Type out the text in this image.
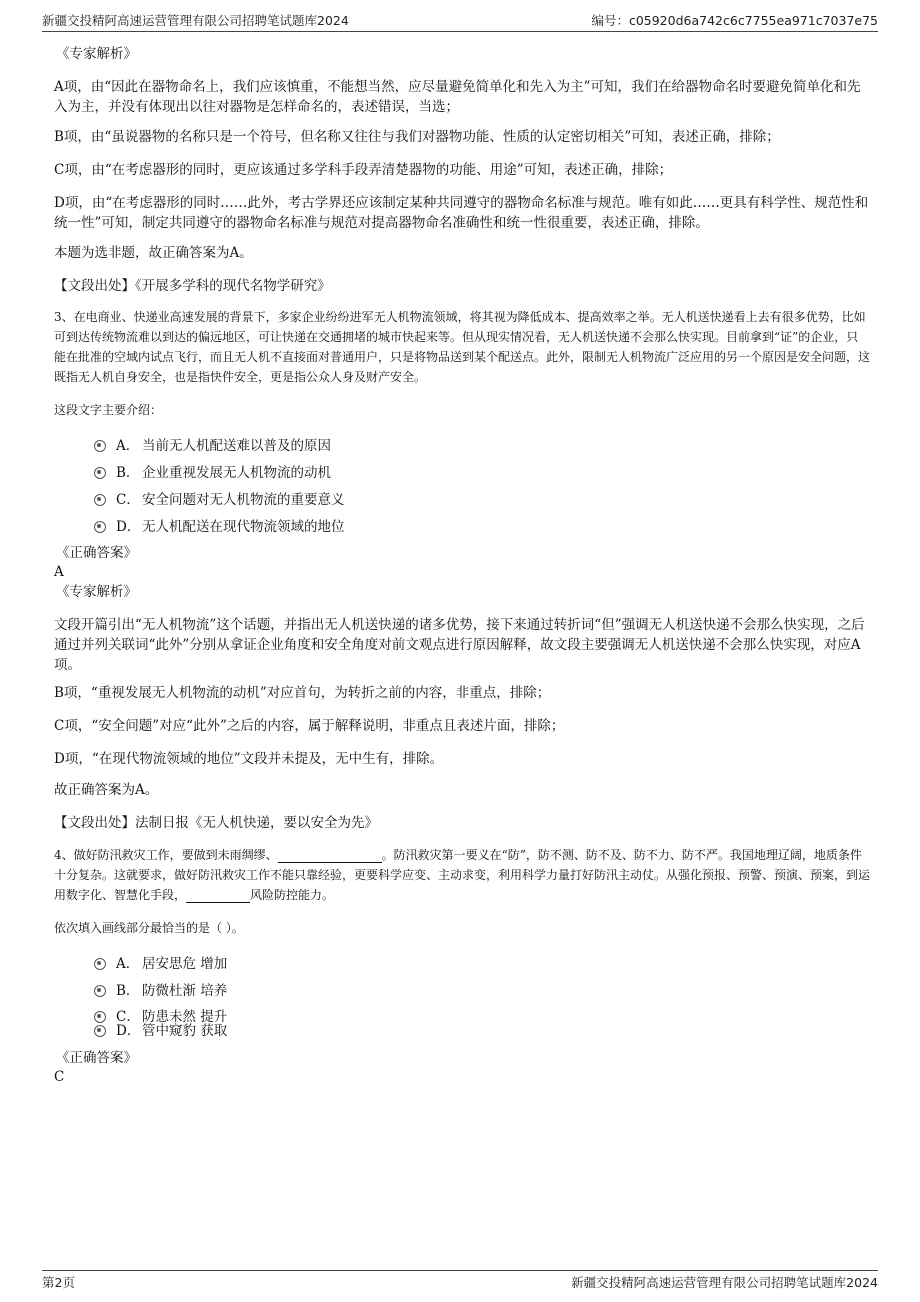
新疆交投精阿高速运营管理有限公司招聘笔试题库2024	编号：c05920d6a742c6c7755ea971c7037e75
《专家解析》
A项，由“因此在器物命名上，我们应该慎重，不能想当然，应尽量避免简单化和先入为主”可知，我们在给器物命名时要避免简单化和先入为主，并没有体现出以往对器物是怎样命名的，表述错误，当选；
B项，由“虽说器物的名称只是一个符号，但名称又往往与我们对器物功能、性质的认定密切相关”可知，表述正确，排除；
C项，由“在考虑器形的同时，更应该通过多学科手段弄清楚器物的功能、用途”可知，表述正确，排除；
D项，由“在考虑器形的同时……此外，考古学界还应该制定某种共同遵守的器物命名标准与规范。唯有如此……更具有科学性、规范性和统一性”可知，制定共同遵守的器物命名标准与规范对提高器物命名准确性和统一性很重要，表述正确，排除。
本题为选非题，故正确答案为A。
【文段出处】《开展多学科的现代名物学研究》
3、在电商业、快递业高速发展的背景下，多家企业纷纷进军无人机物流领域，将其视为降低成本、提高效率之举。无人机送快递看上去有很多优势，比如可到达传统物流难以到达的偏远地区，可让快递在交通拥堵的城市快起来等。但从现实情况看，无人机送快递不会那么快实现。目前拿到“证”的企业，只能在批准的空域内试点飞行，而且无人机不直接面对普通用户，只是将物品送到某个配送点。此外，限制无人机物流广泛应用的另一个原因是安全问题，这既指无人机自身安全，也是指快件安全，更是指公众人身及财产安全。
这段文字主要介绍：
A． 当前无人机配送难以普及的原因
B． 企业重视发展无人机物流的动机
C． 安全问题对无人机物流的重要意义
D． 无人机配送在现代物流领域的地位
《正确答案》
A
《专家解析》
文段开篇引出“无人机物流”这个话题，并指出无人机送快递的诸多优势，接下来通过转折词“但”强调无人机送快递不会那么快实现，之后通过并列关联词“此外”分别从拿证企业角度和安全角度对前文观点进行原因解释，故文段主要强调无人机送快递不会那么快实现，对应A项。
B项，“重视发展无人机物流的动机”对应首句，为转折之前的内容，非重点，排除；
C项，“安全问题”对应“此外”之后的内容，属于解释说明，非重点且表述片面，排除；
D项，“在现代物流领域的地位”文段并未提及，无中生有，排除。
故正确答案为A。
【文段出处】法制日报《无人机快递，要以安全为先》
4、做好防汛救灾工作，要做到未雨绸缪、	。防汛救灾第一要义在“防”，防不测、防不及、防不力、防不严。我国地理辽阔，地质条件十分复杂。这就要求，做好防汛救灾工作不能只靠经验，更要科学应变、主动求变，利用科学力量打好防汛主动仗。从强化预报、预警、预演、预案，到运用数字化、智慧化手段，	风险防控能力。
依次填入画线部分最恰当的是（ ）。
A． 居安思危 增加
B． 防微杜渐 培养
C． 防患未然 提升
D． 管中窥豹 获取
《正确答案》
C
第2页	新疆交投精阿高速运营管理有限公司招聘笔试题库2024
